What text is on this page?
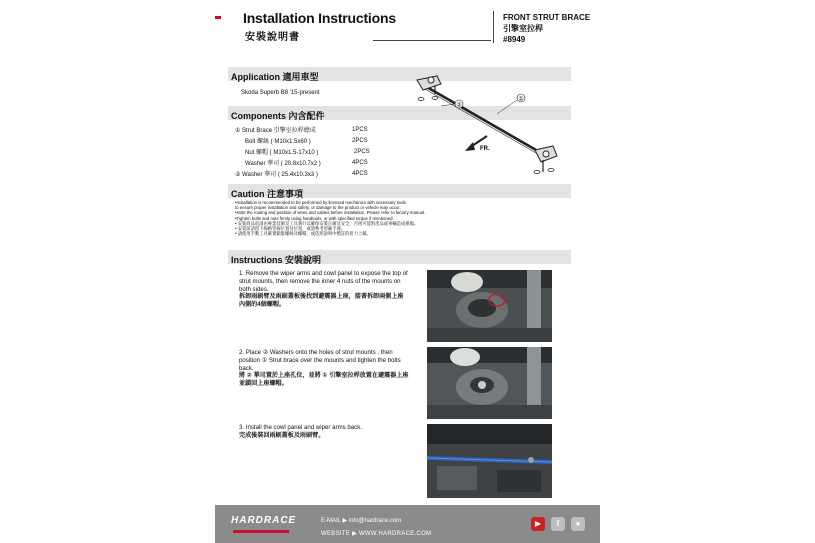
Installation Instructions
安裝說明書
FRONT STRUT BRACE
引擎室拉桿
#8949
Application 適用車型
Skoda Superb B8 '15-present
Components 內含配件
① Strut Brace 引擎室拉桿總成	1PCS
Bolt 螺絲 ( M10x1.5x60 )	2PCS
Nut 螺帽 ( M10x1.5-17x10 )	2PCS
Washer 華司 ( 20.8x10.7x2 )	4PCS
② Washer 華司 ( 25.4x10.3x3 )	4PCS
①
②
FR.
Caution 注意事項
•Installation is recommended to be performed by licensed mechanics with necessary tools
to ensure proper installation and safety, or damage to the product or vehicle may occur.
•Note the routing and position of wires and cables before installation. Please refer to factory manual.
•Tighten bolts and nuts firmly using handtools, or with specified torque if mentioned.
• 安裝商品前請由專業技師及工具執行以確保安裝正確及安全，否則可能對產品或車輛造成損傷。
• 安裝前請留下線路管線位置及位置，或請參考原廠手冊。
• 請使用手動工具確實鎖緊螺絲及螺帽，或依照說明中標註的扭力上鎖。
Instructions 安裝說明
1. Remove the wiper arms and cowl panel to expose the top of strut mounts, then remove the inner 4 nuts of the mounts on both sides.
拆卸雨刷臂及雨刷蓋板後找到避震器上座，接著拆卸兩側上座內側的4個螺帽。
2. Place ② Washers onto the holes of strut mounts , then position ① Strut brace over the mounts and tighten the bolts back.
將 ② 華司置於上座孔位，並將 ① 引擎室拉桿放置在避震器上座並鎖回上座螺帽。
3. Install the cowl panel and wiper arms back.
完成後裝回雨刷蓋板及雨刷臂。
HARDRACE	E-MAIL ▶ info@hardrace.com
WEBSITE ▶ WWW.HARDRACE.COM
▶	f	●
